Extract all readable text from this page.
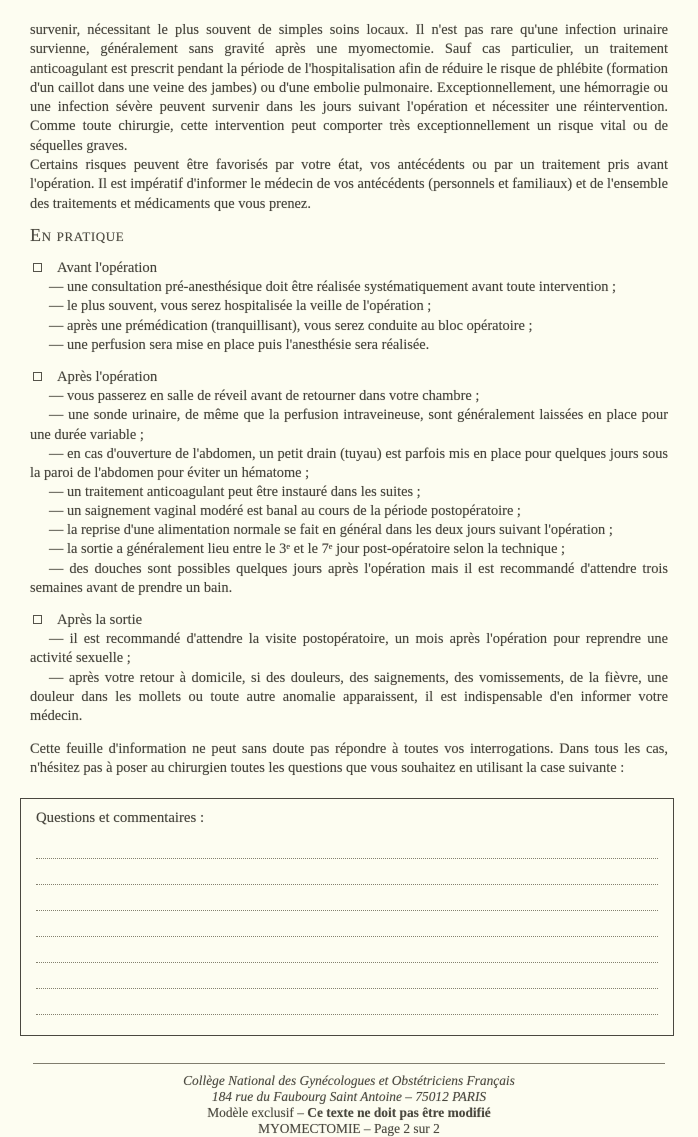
survenir, nécessitant le plus souvent de simples soins locaux. Il n'est pas rare qu'une infection urinaire survienne, généralement sans gravité après une myomectomie. Sauf cas particulier, un traitement anticoagulant est prescrit pendant la période de l'hospitalisation afin de réduire le risque de phlébite (formation d'un caillot dans une veine des jambes) ou d'une embolie pulmonaire. Exceptionnellement, une hémorragie ou une infection sévère peuvent survenir dans les jours suivant l'opération et nécessiter une réintervention. Comme toute chirurgie, cette intervention peut comporter très exceptionnellement un risque vital ou de séquelles graves.

Certains risques peuvent être favorisés par votre état, vos antécédents ou par un traitement pris avant l'opération. Il est impératif d'informer le médecin de vos antécédents (personnels et familiaux) et de l'ensemble des traitements et médicaments que vous prenez.

En pratique
Avant l'opération
— une consultation pré-anesthésique doit être réalisée systématiquement avant toute intervention ;
— le plus souvent, vous serez hospitalisée la veille de l'opération ;
— après une prémédication (tranquillisant), vous serez conduite au bloc opératoire ;
— une perfusion sera mise en place puis l'anesthésie sera réalisée.
Après l'opération
— vous passerez en salle de réveil avant de retourner dans votre chambre ;
— une sonde urinaire, de même que la perfusion intraveineuse, sont généralement laissées en place pour une durée variable ;
— en cas d'ouverture de l'abdomen, un petit drain (tuyau) est parfois mis en place pour quelques jours sous la paroi de l'abdomen pour éviter un hématome ;
— un traitement anticoagulant peut être instauré dans les suites ;
— un saignement vaginal modéré est banal au cours de la période postopératoire ;
— la reprise d'une alimentation normale se fait en général dans les deux jours suivant l'opération ;
— la sortie a généralement lieu entre le 3ᵉ et le 7ᵉ jour post-opératoire selon la technique ;
— des douches sont possibles quelques jours après l'opération mais il est recommandé d'attendre trois semaines avant de prendre un bain.
Après la sortie
— il est recommandé d'attendre la visite postopératoire, un mois après l'opération pour reprendre une activité sexuelle ;
— après votre retour à domicile, si des douleurs, des saignements, des vomissements, de la fièvre, une douleur dans les mollets ou toute autre anomalie apparaissent, il est indispensable d'en informer votre médecin.

Cette feuille d'information ne peut sans doute pas répondre à toutes vos interrogations. Dans tous les cas, n'hésitez pas à poser au chirurgien toutes les questions que vous souhaitez en utilisant la case suivante :

Questions et commentaires :
Collège National des Gynécologues et Obstétriciens Français
184 rue du Faubourg Saint Antoine – 75012 PARIS
Modèle exclusif – Ce texte ne doit pas être modifié
MYOMECTOMIE – Page 2 sur 2
